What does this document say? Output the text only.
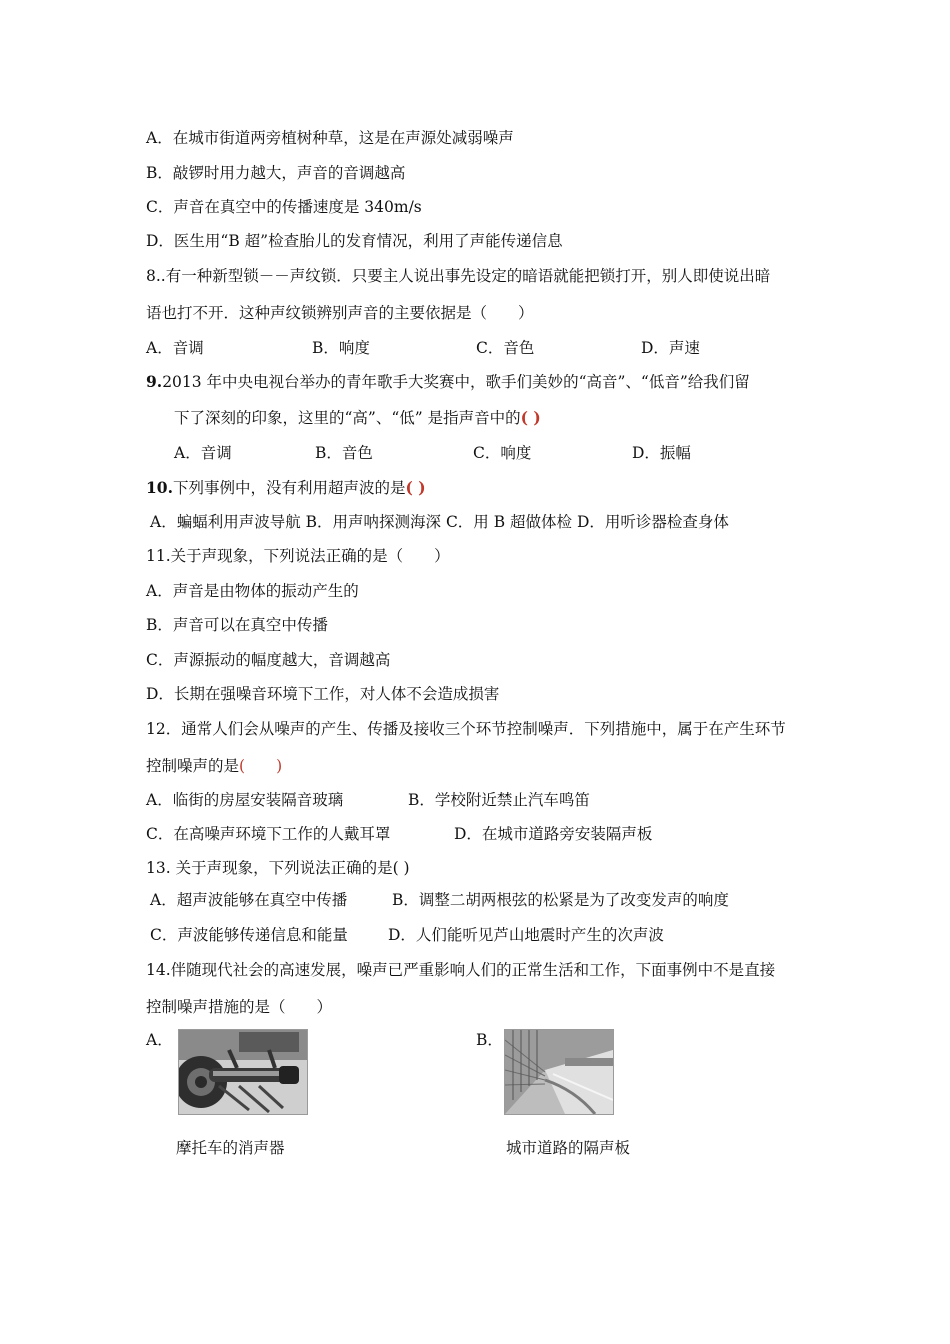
A．在城市街道两旁植树种草，这是在声源处减弱噪声
B．敲锣时用力越大，声音的音调越高
C．声音在真空中的传播速度是 340m/s
D．医生用“B 超”检查胎儿的发育情况，利用了声能传递信息
8..有一种新型锁－－声纹锁．只要主人说出事先设定的暗语就能把锁打开，别人即使说出暗
语也打不开．这种声纹锁辨别声音的主要依据是（　　）
A．音调	B．响度	C．音色	D．声速
9.2013 年中央电视台举办的青年歌手大奖赛中，歌手们美妙的“高音”、“低音”给我们留
下了深刻的印象，这里的“高”、“低” 是指声音中的( )
A．音调	B．音色	C．响度	D．振幅
10.下列事例中，没有利用超声波的是( )
A．蝙蝠利用声波导航 B．用声呐探测海深 C．用 B 超做体检 D．用听诊器检查身体
11.关于声现象，下列说法正确的是（　　）
A．声音是由物体的振动产生的
B．声音可以在真空中传播
C．声源振动的幅度越大，音调越高
D．长期在强噪音环境下工作，对人体不会造成损害
12．通常人们会从噪声的产生、传播及接收三个环节控制噪声．下列措施中，属于在产生环节
控制噪声的是(　　)
A．临街的房屋安装隔音玻璃	B．学校附近禁止汽车鸣笛
C．在高噪声环境下工作的人戴耳罩	D．在城市道路旁安装隔声板
13. 关于声现象，下列说法正确的是( )
A．超声波能够在真空中传播	B．调整二胡两根弦的松紧是为了改变发声的响度
C．声波能够传递信息和能量	D．人们能听见芦山地震时产生的次声波
14.伴随现代社会的高速发展，噪声已严重影响人们的正常生活和工作，下面事例中不是直接
控制噪声措施的是（　　）
A．	B．
摩托车的消声器	城市道路的隔声板
